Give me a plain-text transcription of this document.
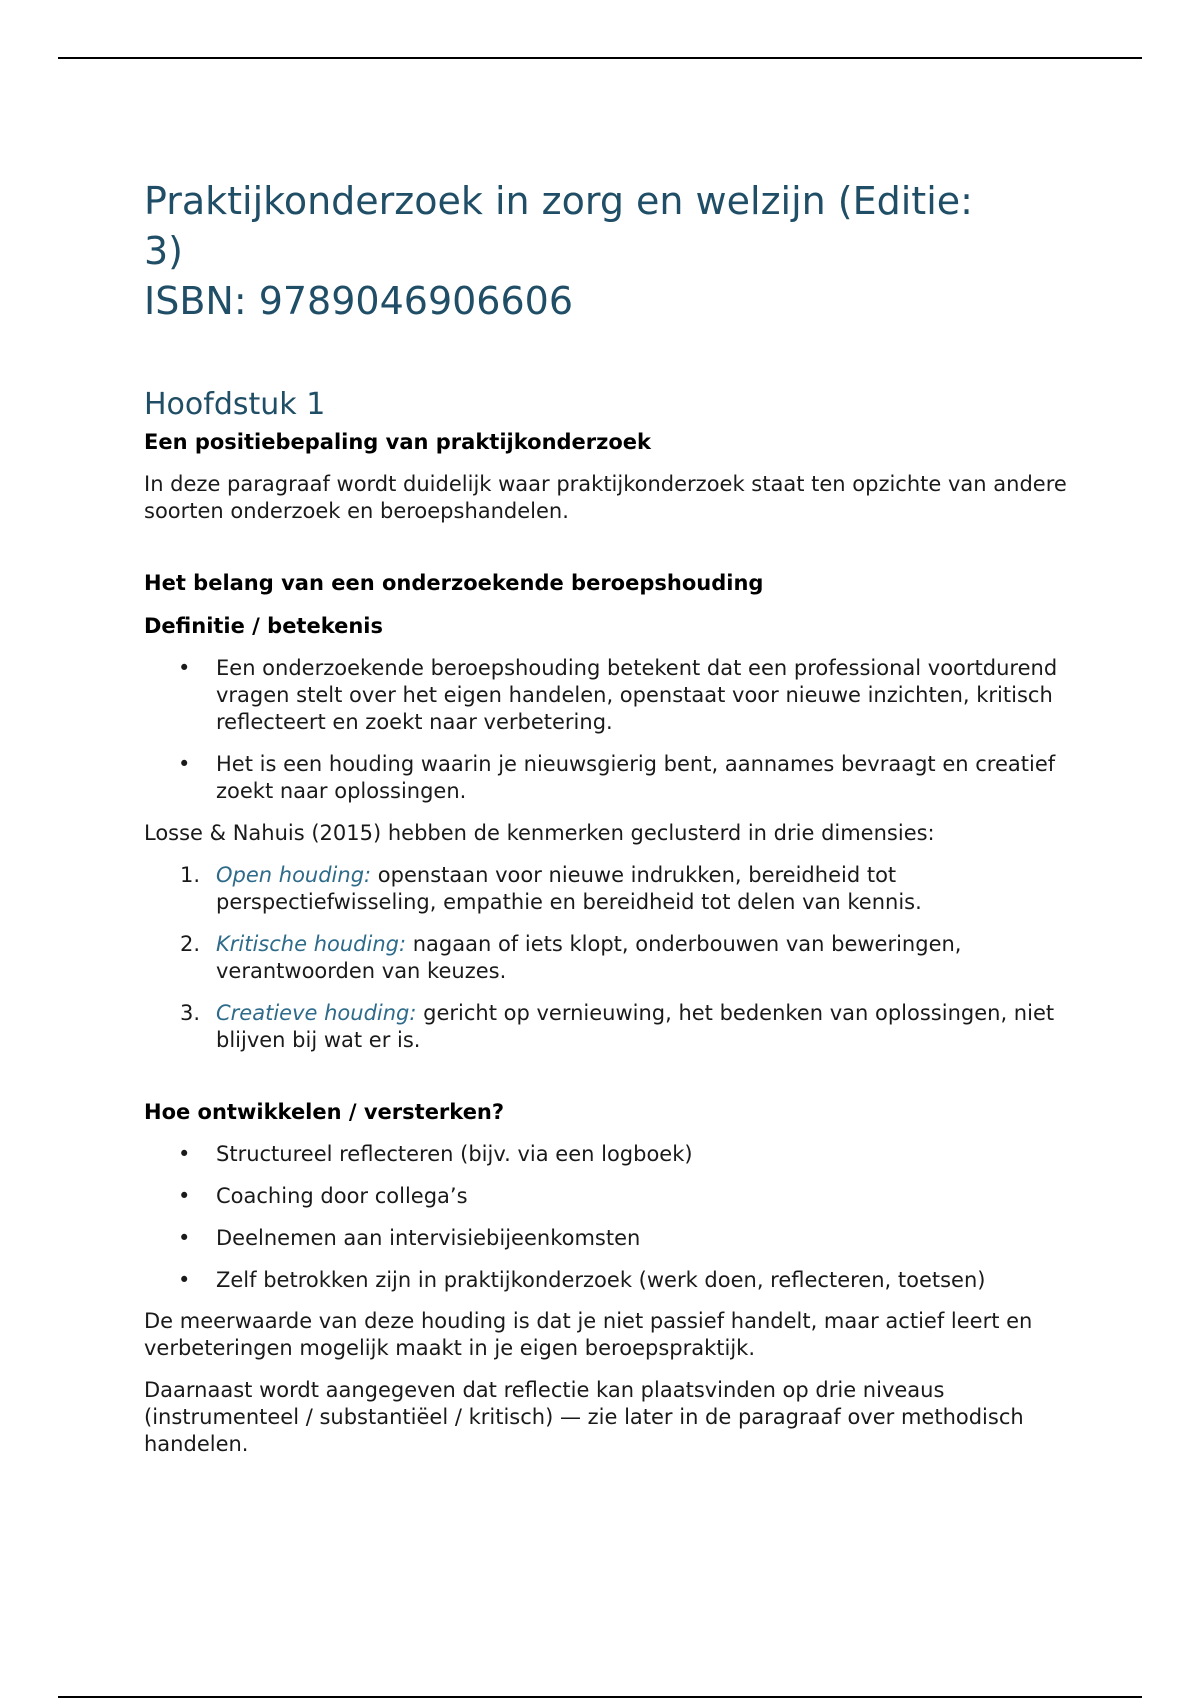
Praktijkonderzoek in zorg en welzijn (Editie:
3)
ISBN: 9789046906606
Hoofdstuk 1
Een positiebepaling van praktijkonderzoek

In deze paragraaf wordt duidelijk waar praktijkonderzoek staat ten opzichte van andere soorten onderzoek en beroepshandelen.

Het belang van een onderzoekende beroepshouding
Definitie / betekenis
• Een onderzoekende beroepshouding betekent dat een professional voortdurend vragen stelt over het eigen handelen, openstaat voor nieuwe inzichten, kritisch reflecteert en zoekt naar verbetering.
• Het is een houding waarin je nieuwsgierig bent, aannames bevraagt en creatief zoekt naar oplossingen.

Losse & Nahuis (2015) hebben de kenmerken geclusterd in drie dimensies:

1. Open houding: openstaan voor nieuwe indrukken, bereidheid tot perspectiefwisseling, empathie en bereidheid tot delen van kennis.
2. Kritische houding: nagaan of iets klopt, onderbouwen van beweringen, verantwoorden van keuzes.
3. Creatieve houding: gericht op vernieuwing, het bedenken van oplossingen, niet blijven bij wat er is.
Hoe ontwikkelen / versterken?
• Structureel reflecteren (bijv. via een logboek)
• Coaching door collega’s
• Deelnemen aan intervisiebijeenkomsten
• Zelf betrokken zijn in praktijkonderzoek (werk doen, reflecteren, toetsen)

De meerwaarde van deze houding is dat je niet passief handelt, maar actief leert en verbeteringen mogelijk maakt in je eigen beroepspraktijk.

Daarnaast wordt aangegeven dat reflectie kan plaatsvinden op drie niveaus (instrumenteel / substantiëel / kritisch) — zie later in de paragraaf over methodisch handelen.
